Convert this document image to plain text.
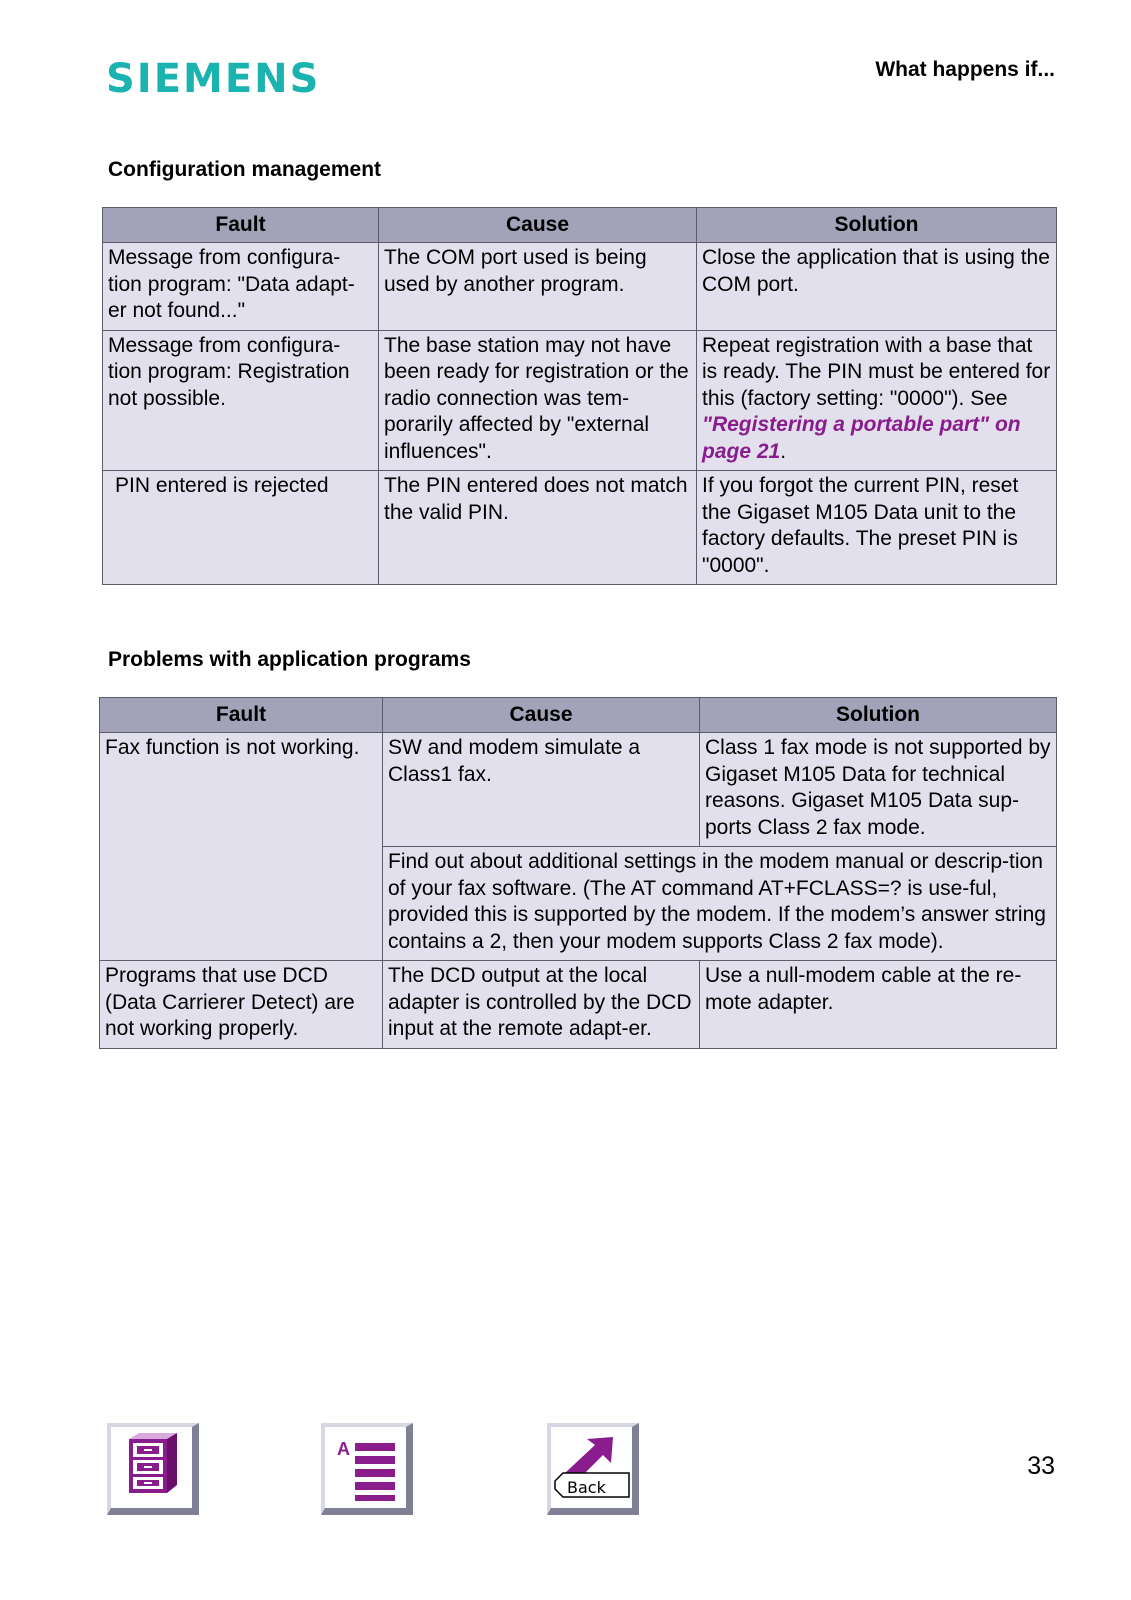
SIEMENS	What happens if...
Configuration management
Fault	Cause	Solution
Message from configura-tion program: "Data adapt-er not found..."	The COM port used is being used by another program.	Close the application that is using the COM port.
Message from configura-tion program: Registration not possible.	The base station may not have been ready for registration or the radio connection was tem-porarily affected by "external influences".	Repeat registration with a base that is ready. The PIN must be entered for this (factory setting: "0000"). See "Registering a portable part" on page 21.
PIN entered is rejected	The PIN entered does not match the valid PIN.	If you forgot the current PIN, reset the Gigaset M105 Data unit to the factory defaults. The preset PIN is "0000".
Problems with application programs
Fault	Cause	Solution
Fax function is not working.	SW and modem simulate a Class1 fax.	Class 1 fax mode is not supported by Gigaset M105 Data for technical reasons. Gigaset M105 Data sup-ports Class 2 fax mode.
	Find out about additional settings in the modem manual or descrip-tion of your fax software. (The AT command AT+FCLASS=? is use-ful, provided this is supported by the modem. If the modem’s answer string contains a 2, then your modem supports Class 2 fax mode).	
Programs that use DCD (Data Carrierer Detect) are not working properly.	The DCD output at the local adapter is controlled by the DCD input at the remote adapt-er.	Use a null-modem cable at the re-mote adapter.
33
A
Back
